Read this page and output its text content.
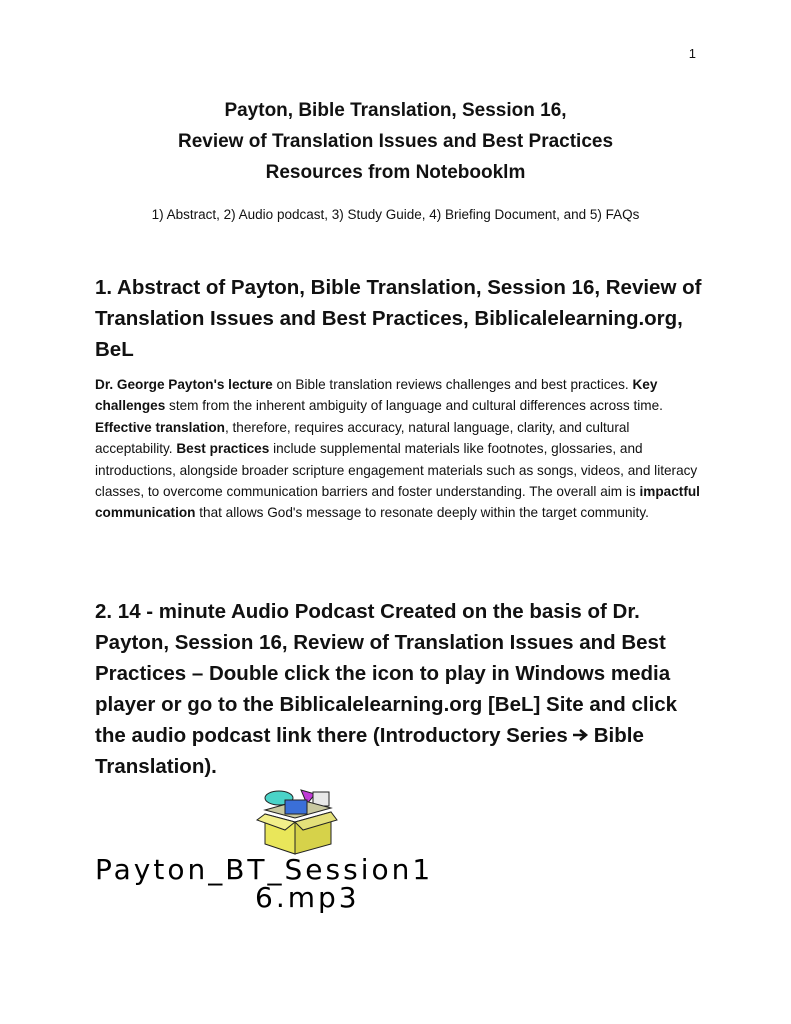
1
Payton, Bible Translation, Session 16,
Review of Translation Issues and Best Practices
Resources from Notebooklm
1) Abstract, 2) Audio podcast, 3) Study Guide, 4) Briefing Document, and 5) FAQs
1. Abstract of Payton, Bible Translation, Session 16, Review of Translation Issues and Best Practices, Biblicalelearning.org, BeL
Dr. George Payton's lecture on Bible translation reviews challenges and best practices. Key challenges stem from the inherent ambiguity of language and cultural differences across time. Effective translation, therefore, requires accuracy, natural language, clarity, and cultural acceptability. Best practices include supplemental materials like footnotes, glossaries, and introductions, alongside broader scripture engagement materials such as songs, videos, and literacy classes, to overcome communication barriers and foster understanding. The overall aim is impactful communication that allows God's message to resonate deeply within the target community.
2. 14 - minute Audio Podcast Created on the basis of Dr. Payton, Session 16, Review of Translation Issues and Best Practices – Double click the icon to play in Windows media player or go to the Biblicalelearning.org [BeL] Site and click the audio podcast link there (Introductory Series Bible Translation).
Payton_BT_Session1
6.mp3
